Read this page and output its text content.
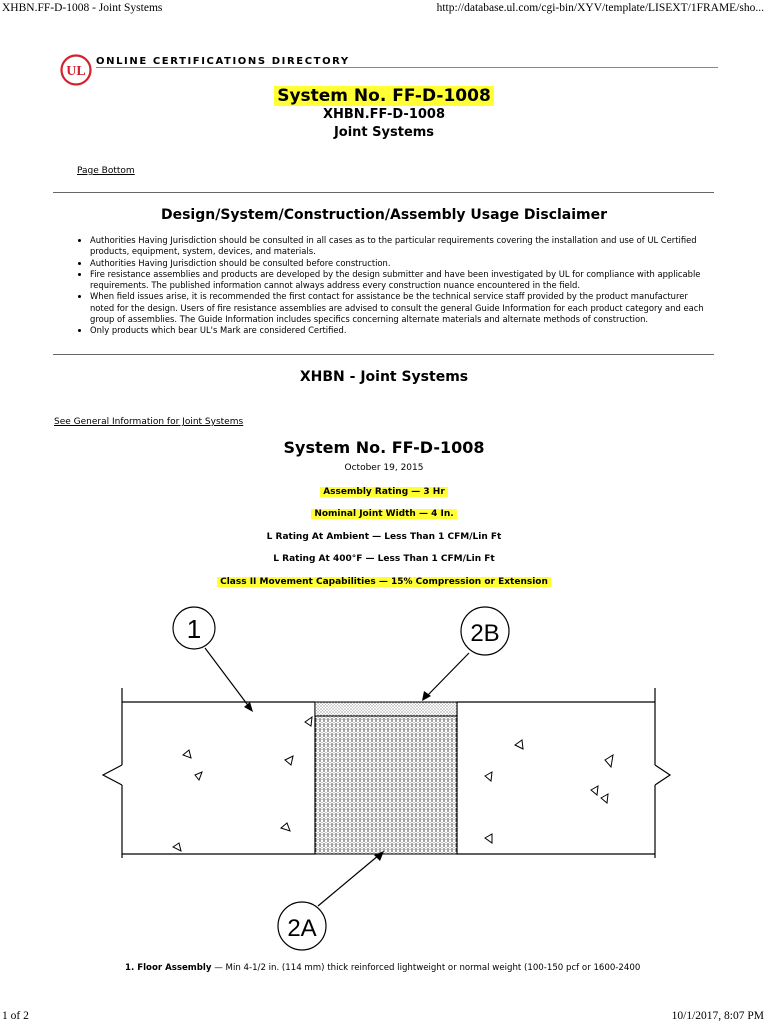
XHBN.FF-D-1008 - Joint Systems	http://database.ul.com/cgi-bin/XYV/template/LISEXT/1FRAME/sho...
UL
ONLINE CERTIFICATIONS DIRECTORY
System No. FF-D-1008
XHBN.FF-D-1008
Joint Systems
Page Bottom
Design/System/Construction/Assembly Usage Disclaimer
• Authorities Having Jurisdiction should be consulted in all cases as to the particular requirements covering the installation and use of UL Certified products, equipment, system, devices, and materials.
• Authorities Having Jurisdiction should be consulted before construction.
• Fire resistance assemblies and products are developed by the design submitter and have been investigated by UL for compliance with applicable requirements. The published information cannot always address every construction nuance encountered in the field.
• When field issues arise, it is recommended the first contact for assistance be the technical service staff provided by the product manufacturer noted for the design. Users of fire resistance assemblies are advised to consult the general Guide Information for each product category and each group of assemblies. The Guide Information includes specifics concerning alternate materials and alternate methods of construction.
• Only products which bear UL's Mark are considered Certified.
XHBN - Joint Systems
See General Information for Joint Systems
System No. FF-D-1008
October 19, 2015
Assembly Rating — 3 Hr
Nominal Joint Width — 4 In.
L Rating At Ambient — Less Than 1 CFM/Lin Ft
L Rating At 400°F — Less Than 1 CFM/Lin Ft
Class II Movement Capabilities — 15% Compression or Extension
1	2B
2A
1. Floor Assembly — Min 4-1/2 in. (114 mm) thick reinforced lightweight or normal weight (100-150 pcf or 1600-2400
1 of 2	10/1/2017, 8:07 PM
